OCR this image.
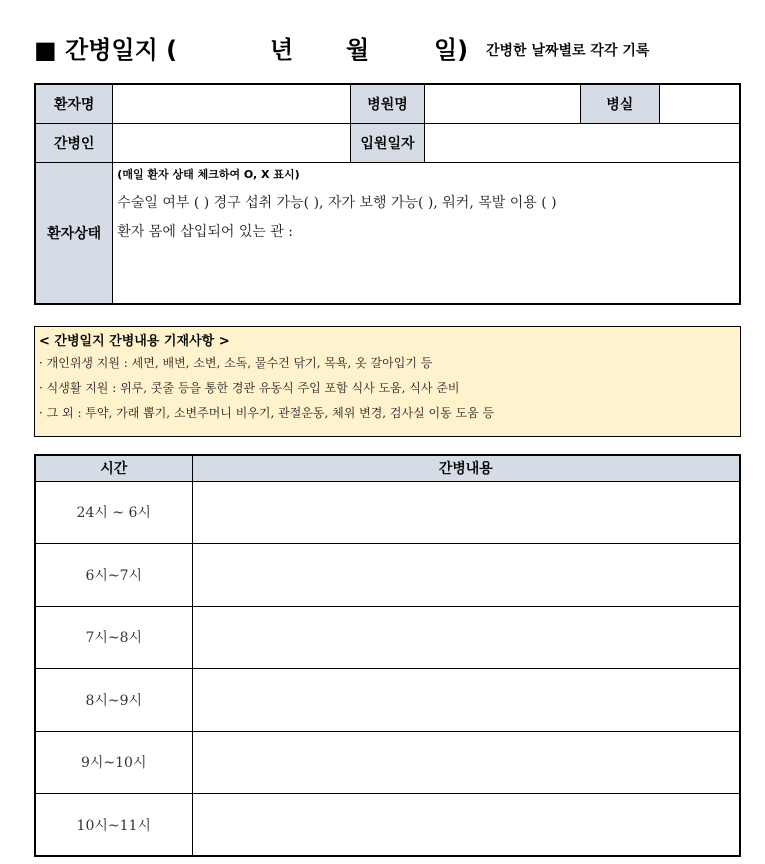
■ 간병일지 (	년 월	일) 간병한 날짜별로 각각 기록
환자명		병원명		병실	
간병인		입원일자			
환자상태	(매일 환자 상태 체크하여 O, X 표시)
수술일 여부 ( ) 경구 섭취 가능( ), 자가 보행 가능( ), 워커, 목발 이용 ( )
환자 몸에 삽입되어 있는 관 :				
< 간병일지 간병내용 기재사항 >
· 개인위생 지원 : 세면, 배변, 소변, 소독, 물수건 닦기, 목욕, 옷 갈아입기 등
· 식생활 지원 : 위루, 콧줄 등을 통한 경관 유동식 주입 포함 식사 도움, 식사 준비
· 그 외 : 투약, 가래 뽑기, 소변주머니 비우기, 관절운동, 체위 변경, 검사실 이동 도움 등
시간	간병내용
24시 ~ 6시	
6시~7시	
7시~8시	
8시~9시	
9시~10시	
10시~11시	
